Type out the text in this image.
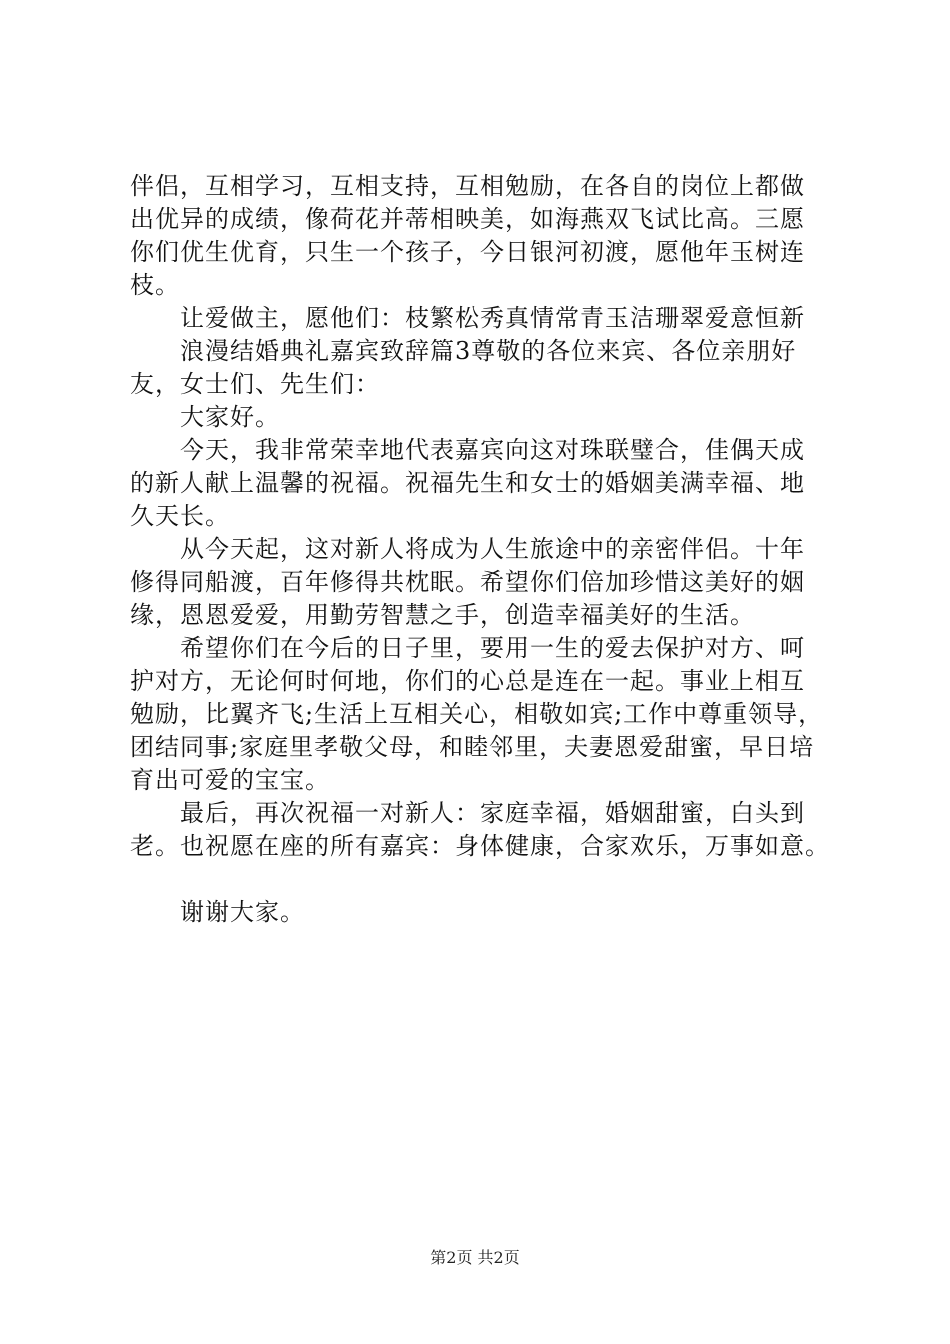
伴侣，互相学习，互相支持，互相勉励，在各自的岗位上都做
出优异的成绩，像荷花并蒂相映美，如海燕双飞试比高。三愿
你们优生优育，只生一个孩子，今日银河初渡，愿他年玉树连
枝。
让爱做主，愿他们：枝繁松秀真情常青玉洁珊翠爱意恒新
浪漫结婚典礼嘉宾致辞篇3尊敬的各位来宾、各位亲朋好
友，女士们、先生们：
大家好。
今天，我非常荣幸地代表嘉宾向这对珠联璧合，佳偶天成
的新人献上温馨的祝福。祝福先生和女士的婚姻美满幸福、地
久天长。
从今天起，这对新人将成为人生旅途中的亲密伴侣。十年
修得同船渡，百年修得共枕眠。希望你们倍加珍惜这美好的姻
缘，恩恩爱爱，用勤劳智慧之手，创造幸福美好的生活。
希望你们在今后的日子里，要用一生的爱去保护对方、呵
护对方，无论何时何地，你们的心总是连在一起。事业上相互
勉励，比翼齐飞;生活上互相关心，相敬如宾;工作中尊重领导，
团结同事;家庭里孝敬父母，和睦邻里，夫妻恩爱甜蜜，早日培
育出可爱的宝宝。
最后，再次祝福一对新人：家庭幸福，婚姻甜蜜，白头到
老。也祝愿在座的所有嘉宾：身体健康，合家欢乐，万事如意。
谢谢大家。
第2页 共2页
